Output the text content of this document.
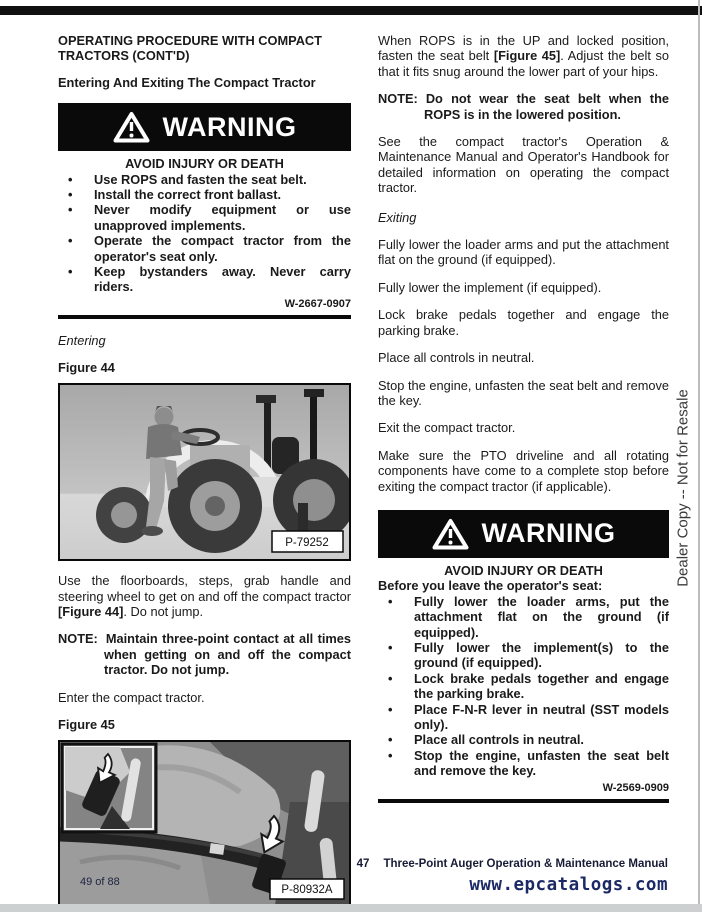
OPERATING PROCEDURE WITH COMPACT TRACTORS (CONT'D)
Entering And Exiting The Compact Tractor
WARNING
AVOID INJURY OR DEATH
• Use ROPS and fasten the seat belt.
• Install the correct front ballast.
• Never modify equipment or use unapproved implements.
• Operate the compact tractor from the operator's seat only.
• Keep bystanders away. Never carry riders.
W-2667-0907
Entering
Figure 44
P-79252

Use the floorboards, steps, grab handle and steering wheel to get on and off the compact tractor [Figure 44]. Do not jump.

NOTE: Maintain three-point contact at all times when getting on and off the compact tractor. Do not jump.

Enter the compact tractor.

Figure 45
P-80932A

When ROPS is in the UP and locked position, fasten the seat belt [Figure 45]. Adjust the belt so that it fits snug around the lower part of your hips.

NOTE: Do not wear the seat belt when the ROPS is in the lowered position.

See the compact tractor's Operation & Maintenance Manual and Operator's Handbook for detailed information on operating the compact tractor.

Exiting

Fully lower the loader arms and put the attachment flat on the ground (if equipped).

Fully lower the implement (if equipped).

Lock brake pedals together and engage the parking brake.

Place all controls in neutral.

Stop the engine, unfasten the seat belt and remove the key.

Exit the compact tractor.

Make sure the PTO driveline and all rotating components have come to a complete stop before exiting the compact tractor (if applicable).

WARNING
AVOID INJURY OR DEATH
Before you leave the operator's seat:
• Fully lower the loader arms, put the attachment flat on the ground (if equipped).
• Fully lower the implement(s) to the ground (if equipped).
• Lock brake pedals together and engage the parking brake.
• Place F-N-R lever in neutral (SST models only).
• Place all controls in neutral.
• Stop the engine, unfasten the seat belt and remove the key.
W-2569-0909
Dealer Copy -- Not for Resale
47	Three-Point Auger Operation & Maintenance Manual
49 of 88	www.epcatalogs.com
